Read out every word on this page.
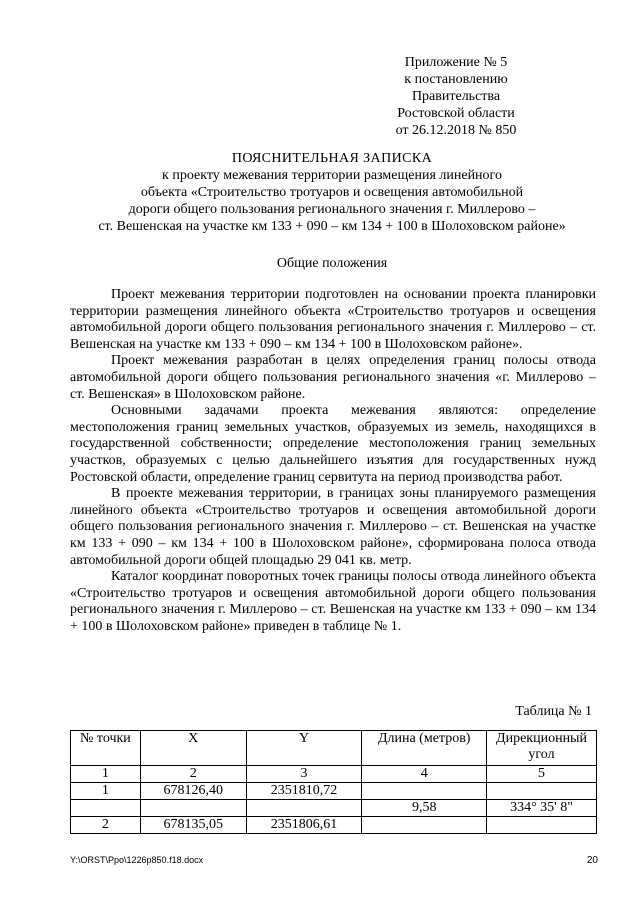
Приложение № 5
к постановлению
Правительства
Ростовской области
от 26.12.2018 № 850
ПОЯСНИТЕЛЬНАЯ ЗАПИСКА
к проекту межевания территории размещения линейного
объекта «Строительство тротуаров и освещения автомобильной
дороги общего пользования регионального значения г. Миллерово –
ст. Вешенская на участке км 133 + 090 – км 134 + 100 в Шолоховском районе»
Общие положения

Проект межевания территории подготовлен на основании проекта планировки территории размещения линейного объекта «Строительство тротуаров и освещения автомобильной дороги общего пользования регионального значения г. Миллерово – ст. Вешенская на участке км 133 + 090 – км 134 + 100 в Шолоховском районе».

Проект межевания разработан в целях определения границ полосы отвода автомобильной дороги общего пользования регионального значения «г. Миллерово – ст. Вешенская» в Шолоховском районе.

Основными задачами проекта межевания являются: определение местоположения границ земельных участков, образуемых из земель, находящихся в государственной собственности; определение местоположения границ земельных участков, образуемых с целью дальнейшего изъятия для государственных нужд Ростовской области, определение границ сервитута на период производства работ.

В проекте межевания территории, в границах зоны планируемого размещения линейного объекта «Строительство тротуаров и освещения автомобильной дороги общего пользования регионального значения г. Миллерово – ст. Вешенская на участке км 133 + 090 – км 134 + 100 в Шолоховском районе», сформирована полоса отвода автомобильной дороги общей площадью 29 041 кв. метр.

Каталог координат поворотных точек границы полосы отвода линейного объекта «Строительство тротуаров и освещения автомобильной дороги общего пользования регионального значения г. Миллерово – ст. Вешенская на участке км 133 + 090 – км 134 + 100 в Шолоховском районе» приведен в таблице № 1.

Таблица № 1
№ точки	X	Y	Длина (метров)	Дирекционный угол
1	2	3	4	5
1	678126,40	2351810,72		
			9,58	334° 35' 8"
2	678135,05	2351806,61		
Y:\ORST\Ppo\1226p850.f18.docx	20
